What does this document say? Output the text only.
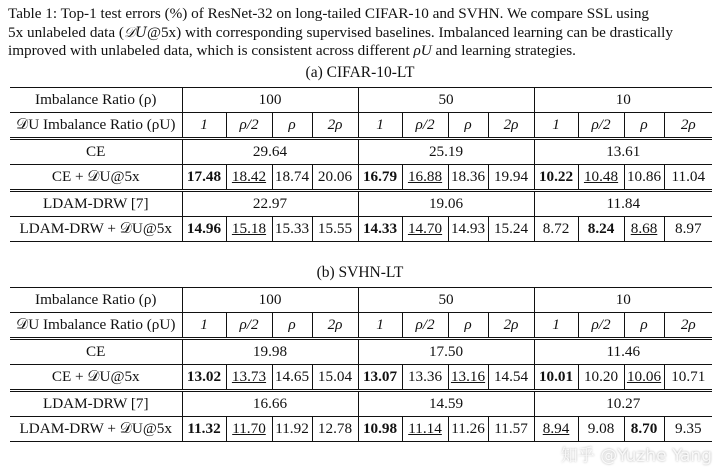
Table 1: Top-1 test errors (%) of ResNet-32 on long-tailed CIFAR-10 and SVHN. We compare SSL using
5x unlabeled data (𝒟U@5x) with corresponding supervised baselines. Imbalanced learning can be drastically
improved with unlabeled data, which is consistent across different ρU and learning strategies.
(a) CIFAR-10-LT
Imbalance Ratio (ρ)	100				50				10			
𝒟U Imbalance Ratio (ρU)	1	ρ/2	ρ	2ρ	1	ρ/2	ρ	2ρ	1	ρ/2	ρ	2ρ
CE	29.64				25.19				13.61			
CE + 𝒟U@5x	17.48	18.42	18.74	20.06	16.79	16.88	18.36	19.94	10.22	10.48	10.86	11.04
LDAM-DRW [7]	22.97				19.06				11.84			
LDAM-DRW + 𝒟U@5x	14.96	15.18	15.33	15.55	14.33	14.70	14.93	15.24	8.72	8.24	8.68	8.97
(b) SVHN-LT
Imbalance Ratio (ρ)	100				50				10			
𝒟U Imbalance Ratio (ρU)	1	ρ/2	ρ	2ρ	1	ρ/2	ρ	2ρ	1	ρ/2	ρ	2ρ
CE	19.98				17.50				11.46			
CE + 𝒟U@5x	13.02	13.73	14.65	15.04	13.07	13.36	13.16	14.54	10.01	10.20	10.06	10.71
LDAM-DRW [7]	16.66				14.59				10.27			
LDAM-DRW + 𝒟U@5x	11.32	11.70	11.92	12.78	10.98	11.14	11.26	11.57	8.94	9.08	8.70	9.35
知乎 @Yuzhe Yang
